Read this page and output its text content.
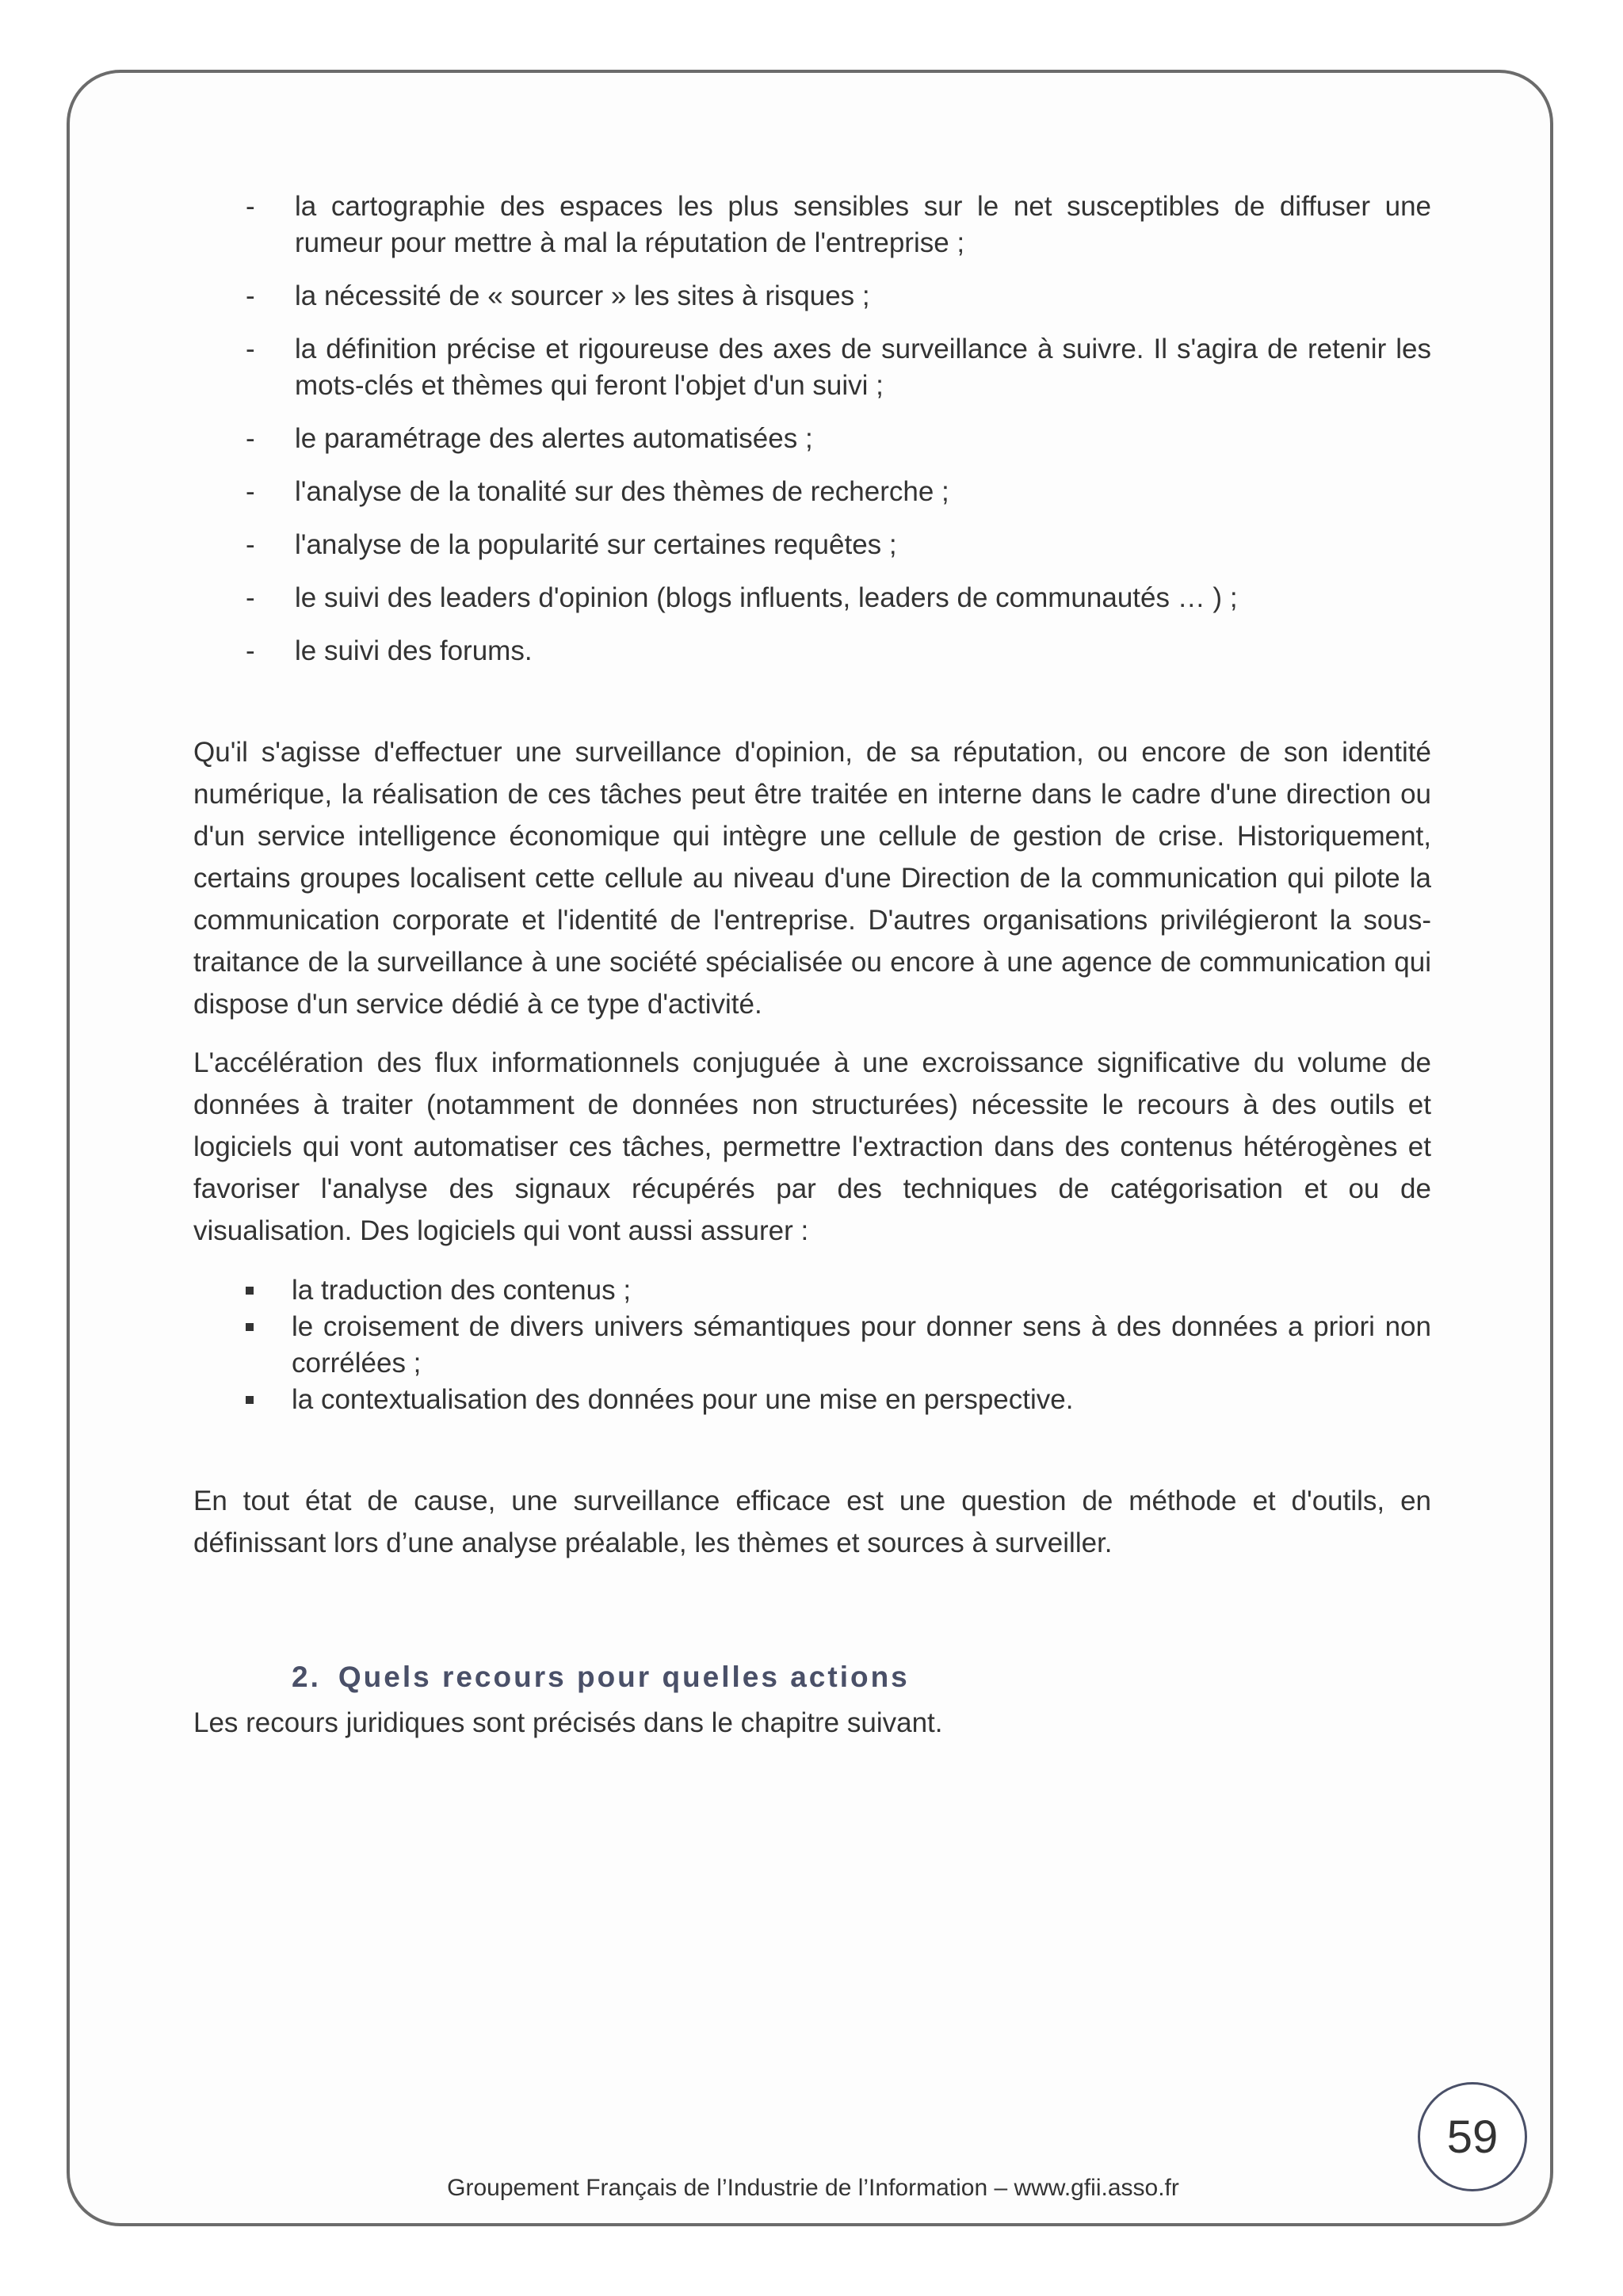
Groupement Français de l’Industrie de l’Information – www.gfii.asso.fr
- la cartographie des espaces les plus sensibles sur le net susceptibles de diffuser une rumeur pour mettre à mal la réputation de l'entreprise ;
- la nécessité de « sourcer » les sites à risques ;
- la définition précise et rigoureuse des axes de surveillance à suivre. Il s'agira de retenir les mots-clés et thèmes qui feront l'objet d'un suivi ;
- le paramétrage des alertes automatisées ;
- l'analyse de la tonalité sur des thèmes de recherche ;
- l'analyse de la popularité sur certaines requêtes ;
- le suivi des leaders d'opinion (blogs influents, leaders de communautés … ) ;
- le suivi des forums.

Qu'il s'agisse d'effectuer une surveillance d'opinion, de sa réputation, ou encore de son identité numérique, la réalisation de ces tâches peut être traitée en interne dans le cadre d'une direction ou d'un service intelligence économique qui intègre une cellule de gestion de crise. Historiquement, certains groupes localisent cette cellule au niveau d'une Direction de la communication qui pilote la communication corporate et l'identité de l'entreprise. D'autres organisations privilégieront la sous-traitance de la surveillance à une société spécialisée ou encore à une agence de communication qui dispose d'un service dédié à ce type d'activité.

L'accélération des flux informationnels conjuguée à une excroissance significative du volume de données à traiter (notamment de données non structurées) nécessite le recours à des outils et logiciels qui vont automatiser ces tâches, permettre l'extraction dans des contenus hétérogènes et favoriser l'analyse des signaux récupérés par des techniques de catégorisation et ou de visualisation. Des logiciels qui vont aussi assurer :

la traduction des contenus ;
le croisement de divers univers sémantiques pour donner sens à des données a priori non corrélées ;
la contextualisation des données pour une mise en perspective.

En tout état de cause, une surveillance efficace est une question de méthode et d'outils, en définissant lors d’une analyse préalable, les thèmes et sources à surveiller.

2. Quels recours pour quelles actions

Les recours juridiques sont précisés dans le chapitre suivant.

59
